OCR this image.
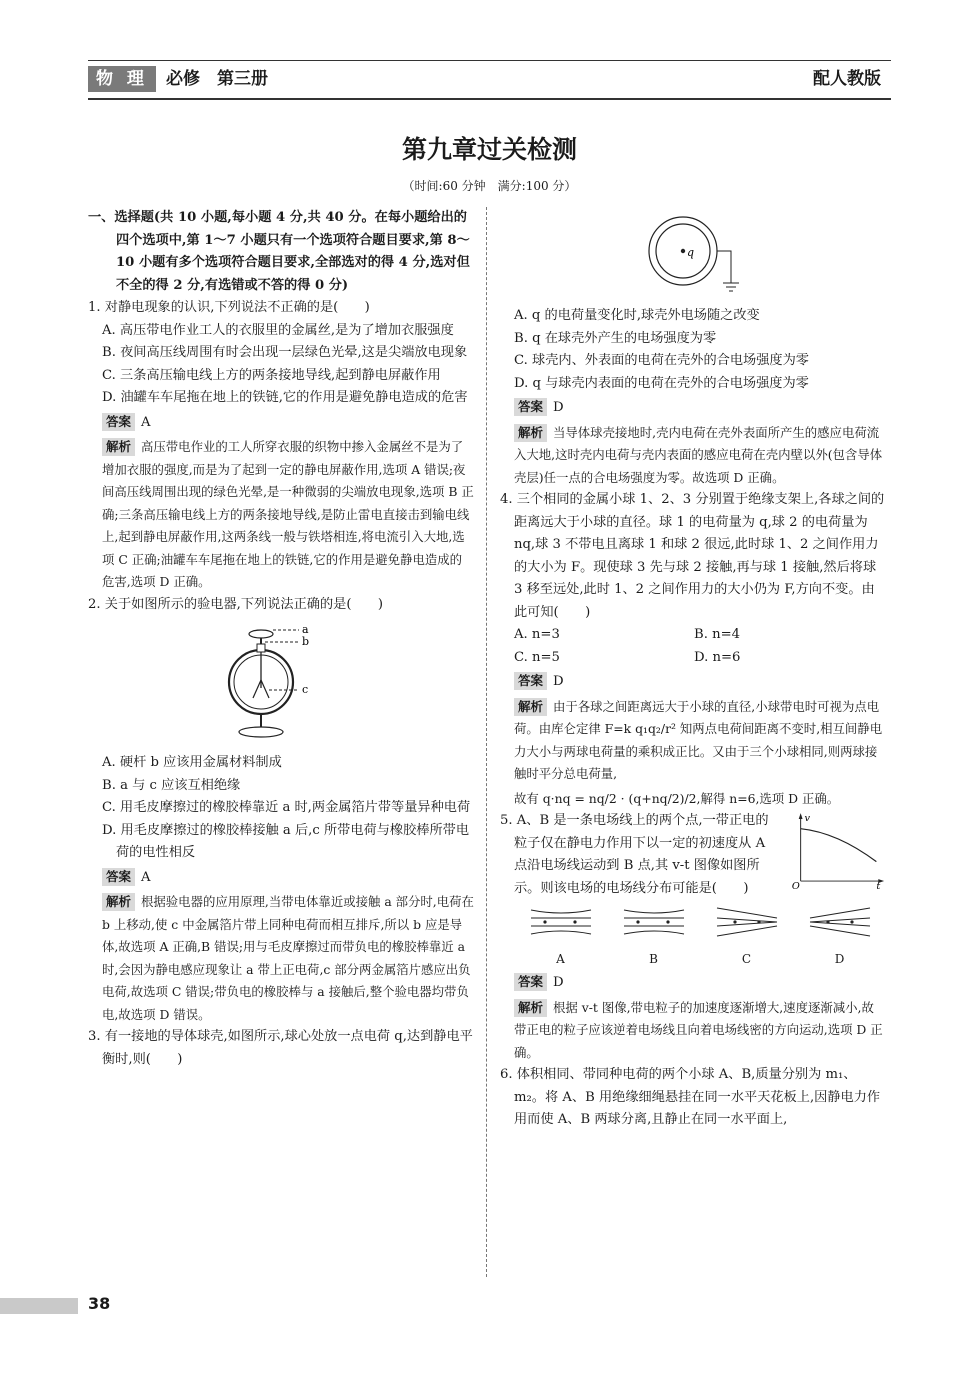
物 理	必修　第三册	配人教版
第九章过关检测
（时间:60 分钟　满分:100 分）

一、选择题(共 10 小题,每小题 4 分,共 40 分。在每小题给出的四个选项中,第 1～7 小题只有一个选项符合题目要求,第 8～10 小题有多个选项符合题目要求,全部选对的得 4 分,选对但不全的得 2 分,有选错或不答的得 0 分)

1. 对静电现象的认识,下列说法不正确的是(　　)

A. 高压带电作业工人的衣服里的金属丝,是为了增加衣服强度

B. 夜间高压线周围有时会出现一层绿色光晕,这是尖端放电现象

C. 三条高压输电线上方的两条接地导线,起到静电屏蔽作用

D. 油罐车车尾拖在地上的铁链,它的作用是避免静电造成的危害

答案 A

解析 高压带电作业的工人所穿衣服的织物中掺入金属丝不是为了增加衣服的强度,而是为了起到一定的静电屏蔽作用,选项 A 错误;夜间高压线周围出现的绿色光晕,是一种微弱的尖端放电现象,选项 B 正确;三条高压输电线上方的两条接地导线,是防止雷电直接击到输电线上,起到静电屏蔽作用,这两条线一般与铁塔相连,将电流引入大地,选项 C 正确;油罐车车尾拖在地上的铁链,它的作用是避免静电造成的危害,选项 D 正确。

2. 关于如图所示的验电器,下列说法正确的是(　　)

a
b
c

A. 硬杆 b 应该用金属材料制成

B. a 与 c 应该互相绝缘

C. 用毛皮摩擦过的橡胶棒靠近 a 时,两金属箔片带等量异种电荷

D. 用毛皮摩擦过的橡胶棒接触 a 后,c 所带电荷与橡胶棒所带电荷的电性相反

答案 A

解析 根据验电器的应用原理,当带电体靠近或接触 a 部分时,电荷在 b 上移动,使 c 中金属箔片带上同种电荷而相互排斥,所以 b 应是导体,故选项 A 正确,B 错误;用与毛皮摩擦过而带负电的橡胶棒靠近 a 时,会因为静电感应现象让 a 带上正电荷,c 部分两金属箔片感应出负电荷,故选项 C 错误;带负电的橡胶棒与 a 接触后,整个验电器均带负电,故选项 D 错误。

3. 有一接地的导体球壳,如图所示,球心处放一点电荷 q,达到静电平衡时,则(　　)

q

A. q 的电荷量变化时,球壳外电场随之改变

B. q 在球壳外产生的电场强度为零

C. 球壳内、外表面的电荷在壳外的合电场强度为零

D. q 与球壳内表面的电荷在壳外的合电场强度为零

答案 D

解析 当导体球壳接地时,壳内电荷在壳外表面所产生的感应电荷流入大地,这时壳内电荷与壳内表面的感应电荷在壳内壁以外(包含导体壳层)任一点的合电场强度为零。故选项 D 正确。

4. 三个相同的金属小球 1、2、3 分别置于绝缘支架上,各球之间的距离远大于小球的直径。球 1 的电荷量为 q,球 2 的电荷量为 nq,球 3 不带电且离球 1 和球 2 很远,此时球 1、2 之间作用力的大小为 F。现使球 3 先与球 2 接触,再与球 1 接触,然后将球 3 移至远处,此时 1、2 之间作用力的大小仍为 F,方向不变。由此可知(　　)

A. n=3	B. n=4
C. n=5	D. n=6

答案 D

解析 由于各球之间距离远大于小球的直径,小球带电时可视为点电荷。由库仑定律 F=k q₁q₂/r² 知两点电荷间距离不变时,相互间静电力大小与两球电荷量的乘积成正比。又由于三个小球相同,则两球接触时平分总电荷量,

故有 q·nq = nq/2 · (q+nq/2)/2,解得 n=6,选项 D 正确。

5. A、B 是一条电场线上的两个点,一带正电的粒子仅在静电力作用下以一定的初速度从 A 点沿电场线运动到 B 点,其 v-t 图像如图所示。则该电场的电场线分布可能是(　　)

v
t
O
A	B	C	D

答案 D

解析 根据 v-t 图像,带电粒子的加速度逐渐增大,速度逐渐减小,故带正电的粒子应该逆着电场线且向着电场线密的方向运动,选项 D 正确。

6. 体积相同、带同种电荷的两个小球 A、B,质量分别为 m₁、m₂。将 A、B 用绝缘细绳悬挂在同一水平天花板上,因静电力作用而使 A、B 两球分离,且静止在同一水平面上,

38
